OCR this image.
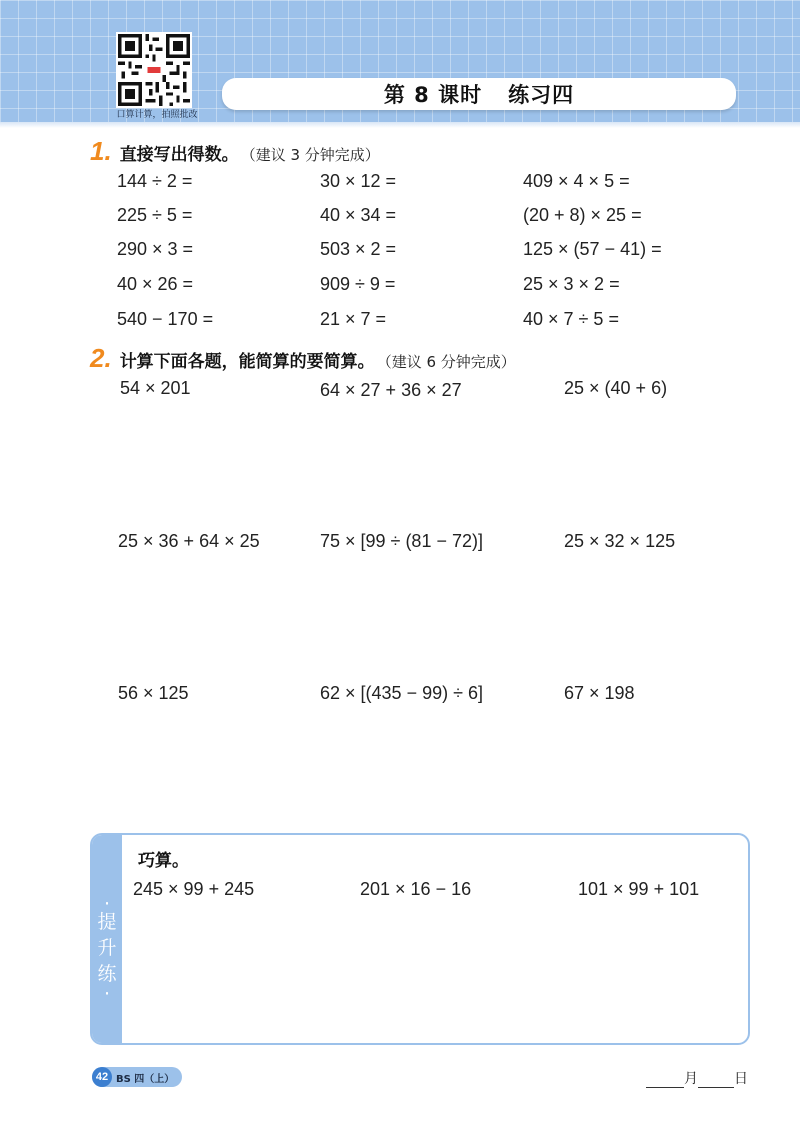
口算计算，拍照批改
第 8 课时 练习四
1. 直接写出得数。 （建议 3 分钟完成）
144 ÷ 2 =	30 × 12 =	409 × 4 × 5 =
225 ÷ 5 =	40 × 34 =	(20 + 8) × 25 =
290 × 3 =	503 × 2 =	125 × (57 − 41) =
40 × 26 =	909 ÷ 9 =	25 × 3 × 2 =
540 − 170 =	21 × 7 =	40 × 7 ÷ 5 =
2. 计算下面各题，能简算的要简算。 （建议 6 分钟完成）
54 × 201	64 × 27 + 36 × 27	25 × (40 + 6)
25 × 36 + 64 × 25	75 × [99 ÷ (81 − 72)]	25 × 32 × 125
56 × 125	62 × [(435 − 99) ÷ 6]	67 × 198
·
提
升
练
·
巧算。
245 × 99 + 245	201 × 16 − 16	101 × 99 + 101
42 BS 四（上）	月	日
